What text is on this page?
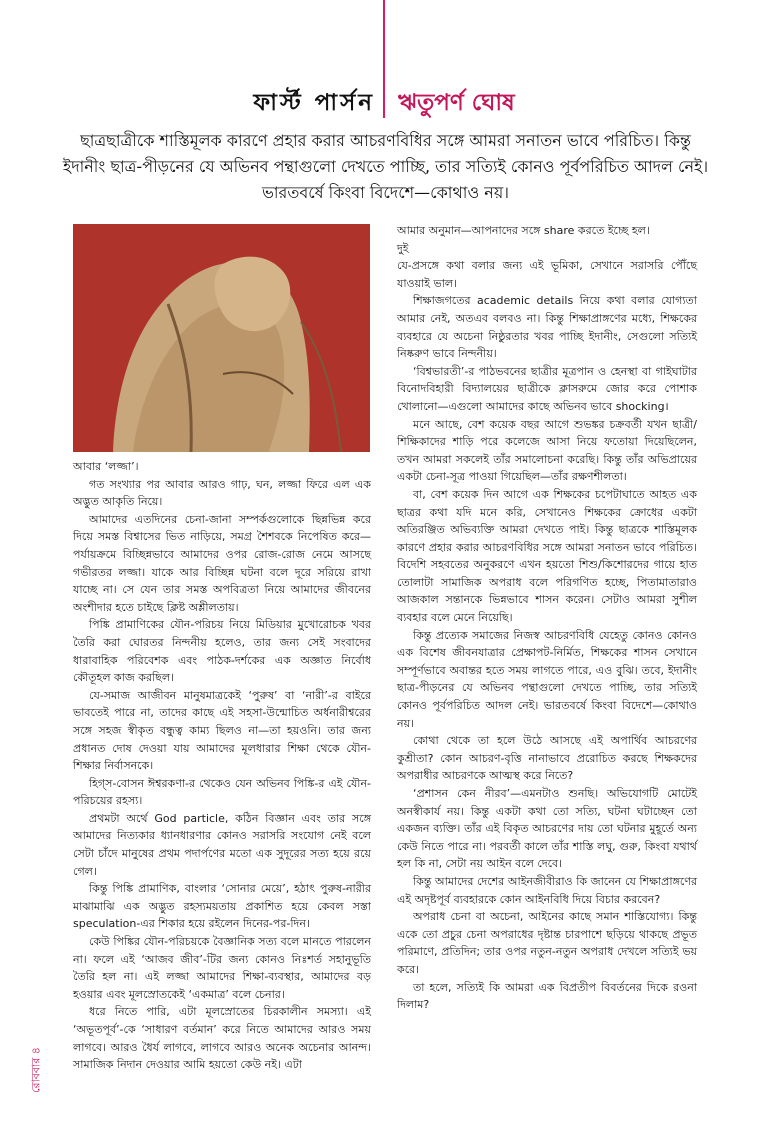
ফার্স্ট পার্সন ঋতুপর্ণ ঘোষ
ছাত্রছাত্রীকে শাস্তিমূলক কারণে প্রহার করার আচরণবিধির সঙ্গে আমরা সনাতন ভাবে পরিচিত। কিন্তু ইদানীং ছাত্র-পীড়নের যে অভিনব পন্থাগুলো দেখতে পাচ্ছি, তার সত্যিই কোনও পূর্বপরিচিত আদল নেই। ভারতবর্ষে কিংবা বিদেশে—কোথাও নয়।

আবার ‘লজ্জা’।

গত সংখ্যার পর আবার আরও গাঢ়, ঘন, লজ্জা ফিরে এল এক অদ্ভুত আকৃতি নিয়ে।

আমাদের এতদিনের চেনা-জানা সম্পর্কগুলোকে ছিন্নভিন্ন করে দিয়ে সমস্ত বিশ্বাসের ভিত নাড়িয়ে, সমগ্র শৈশবকে নিপেষিত করে—পর্যায়ক্রমে বিচ্ছিন্নভাবে আমাদের ওপর রোজ-রোজ নেমে আসছে গভীরতর লজ্জা। যাকে আর বিচ্ছিন্ন ঘটনা বলে দূরে সরিয়ে রাখা যাচ্ছে না। সে যেন তার সমস্ত অপবিত্রতা নিয়ে আমাদের জীবনের অংশীদার হতে চাইছে ক্লিষ্ট অশ্লীলতায়।

পিঙ্কি প্রামাণিকের যৌন-পরিচয় নিয়ে মিডিয়ার মুখোরোচক খবর তৈরি করা ঘোরতর নিন্দনীয় হলেও, তার জন্য সেই সংবাদের ধারাবাহিক পরিবেশক এবং পাঠক-দর্শকের এক অজ্ঞাত নির্বোধ কৌতূহল কাজ করছিল।

যে-সমাজ আজীবন মানুষমাত্রকেই ‘পুরুষ’ বা ‘নারী’-র বাইরে ভাবতেই পারে না, তাদের কাছে এই সহসা-উন্মোচিত অর্ধনারীশ্বরের সঙ্গে সহজ স্বীকৃত বন্ধুত্ব কাম্য ছিলও না—তা হয়ওনি। তার জন্য প্রধানত দোষ দেওয়া যায় আমাদের মূলধারার শিক্ষা থেকে যৌন-শিক্ষার নির্বাসনকে।

হিগ্‌স-বোসন ঈশ্বরকণা-র থেকেও যেন অভিনব পিঙ্কি-র এই যৌন-পরিচয়ের রহস্য।

প্রথমটা অর্থে God particle, কঠিন বিজ্ঞান এবং তার সঙ্গে আমাদের নিত্যকার ধ্যানধারণার কোনও সরাসরি সংযোগ নেই বলে সেটা চাঁদে মানুষের প্রথম পদার্পণের মতো এক সুদূরের সত্য হয়ে রয়ে গেল।

কিন্তু পিঙ্কি প্রামাণিক, বাংলার ‘সোনার মেয়ে’, হঠাৎ পুরুষ-নারীর মাঝামাঝি এক অদ্ভুত রহস্যময়তায় প্রকাশিত হয়ে কেবল সস্তা speculation-এর শিকার হয়ে রইলেন দিনের-পর-দিন।

কেউ পিঙ্কির যৌন-পরিচয়কে বৈজ্ঞানিক সত্য বলে মানতে পারলেন না। ফলে এই ‘আজব জীব’-টির জন্য কোনও নিঃশর্ত সহানুভূতি তৈরি হল না। এই লজ্জা আমাদের শিক্ষা-ব্যবস্থার, আমাদের বড় হওয়ার এবং মূলস্রোতকেই ‘একমাত্র’ বলে চেনার।

ধরে নিতে পারি, এটা মূলস্রোতের চিরকালীন সমস্যা। এই ‘অভূতপূর্ব’-কে ‘সাধারণ বর্তমান’ করে নিতে আমাদের আরও সময় লাগবে। আরও ধৈর্য লাগবে, লাগবে আরও অনেক অচেনার আনন্দ। সামাজিক নিদান দেওয়ার আমি হয়তো কেউ নই। এটা

আমার অনুমান—আপনাদের সঙ্গে share করতে ইচ্ছে হল।

দুই

যে-প্রসঙ্গে কথা বলার জন্য এই ভূমিকা, সেখানে সরাসরি পৌঁছে যাওয়াই ভাল।

শিক্ষাজগতের academic details নিয়ে কথা বলার যোগ্যতা আমার নেই, অতএব বলবও না। কিন্তু শিক্ষাপ্রাঙ্গণের মধ্যে, শিক্ষকের ব্যবহারে যে অচেনা নিষ্ঠুরতার খবর পাচ্ছি ইদানীং, সেগুলো সত্যিই নিষ্করুণ ভাবে নিন্দনীয়।

‘বিশ্বভারতী’-র পাঠভবনের ছাত্রীর মূত্রপান ও হেনস্থা বা গাইঘাটার বিনোদবিহারী বিদ্যালয়ের ছাত্রীকে ক্লাসরুমে জোর করে পোশাক খোলানো—এগুলো আমাদের কাছে অভিনব ভাবে shocking।

মনে আছে, বেশ কয়েক বছর আগে শুভঙ্কর চক্রবর্তী যখন ছাত্রী/শিক্ষিকাদের শাড়ি পরে কলেজে আসা নিয়ে ফতোয়া দিয়েছিলেন, তখন আমরা সকলেই তাঁর সমালোচনা করেছি। কিন্তু তাঁর অভিপ্রায়ের একটা চেনা-সূত্র পাওয়া গিয়েছিল—তাঁর রক্ষণশীলতা।

বা, বেশ কয়েক দিন আগে এক শিক্ষকের চপেটাঘাতে আহত এক ছাত্রর কথা যদি মনে করি, সেখানেও শিক্ষকের ক্রোধের একটা অতিরঞ্জিত অভিব্যক্তি আমরা দেখতে পাই। কিন্তু ছাত্রকে শাস্তিমূলক কারণে প্রহার করার আচরণবিধির সঙ্গে আমরা সনাতন ভাবে পরিচিত। বিদেশি সহবতের অনুকরণে এখন হয়তো শিশু/কিশোরদের গায়ে হাত তোলাটা সামাজিক অপরাধ বলে পরিগণিত হচ্ছে, পিতামাতারাও আজকাল সন্তানকে ভিন্নভাবে শাসন করেন। সেটাও আমরা সুশীল ব্যবহার বলে মেনে নিয়েছি।

কিন্তু প্রত্যেক সমাজের নিজস্ব আচরণবিধি যেহেতু কোনও কোনও এক বিশেষ জীবনযাত্রার প্রেক্ষাপট-নির্মিত, শিক্ষকের শাসন সেখানে সম্পূর্ণভাবে অবান্তর হতে সময় লাগতে পারে, এও বুঝি। তবে, ইদানীং ছাত্র-পীড়নের যে অভিনব পন্থাগুলো দেখতে পাচ্ছি, তার সত্যিই কোনও পূর্বপরিচিত আদল নেই। ভারতবর্ষে কিংবা বিদেশে—কোথাও নয়।

কোথা থেকে তা হলে উঠে আসছে এই অপার্থিব আচরণের কুশ্রীতা? কোন আচরণ-বৃত্তি নানাভাবে প্ররোচিত করছে শিক্ষকদের অপরাধীর আচরণকে আত্মস্থ করে নিতে?

‘প্রশাসন কেন নীরব’—এমনটাও শুনছি। অভিযোগটি মোটেই অনস্বীকার্য নয়। কিন্তু একটা কথা তো সত্যি, ঘটনা ঘটাচ্ছেন তো একজন ব্যক্তি। তাঁর এই বিকৃত আচরণের দায় তো ঘটনার মুহূর্তে অন্য কেউ নিতে পারে না। পরবর্তী কালে তাঁর শাস্তি লঘু, গুরু, কিংবা যথার্থ হল কি না, সেটা নয় আইন বলে দেবে।

কিন্তু আমাদের দেশের আইনজীবীরাও কি জানেন যে শিক্ষাপ্রাঙ্গণের এই অদৃষ্টপূর্ব ব্যবহারকে কোন আইনবিধি দিয়ে বিচার করবেন?

অপরাধ চেনা বা অচেনা, আইনের কাছে সমান শাস্তিযোগ্য। কিন্তু একে তো প্রচুর চেনা অপরাধের দৃষ্টান্ত চারপাশে ছড়িয়ে থাকছে প্রভূত পরিমাণে, প্রতিদিন; তার ওপর নতুন-নতুন অপরাধ দেখলে সত্যিই ভয় করে।

তা হলে, সত্যিই কি আমরা এক বিপ্রতীপ বিবর্তনের দিকে রওনা দিলাম?

রোববার ৪
